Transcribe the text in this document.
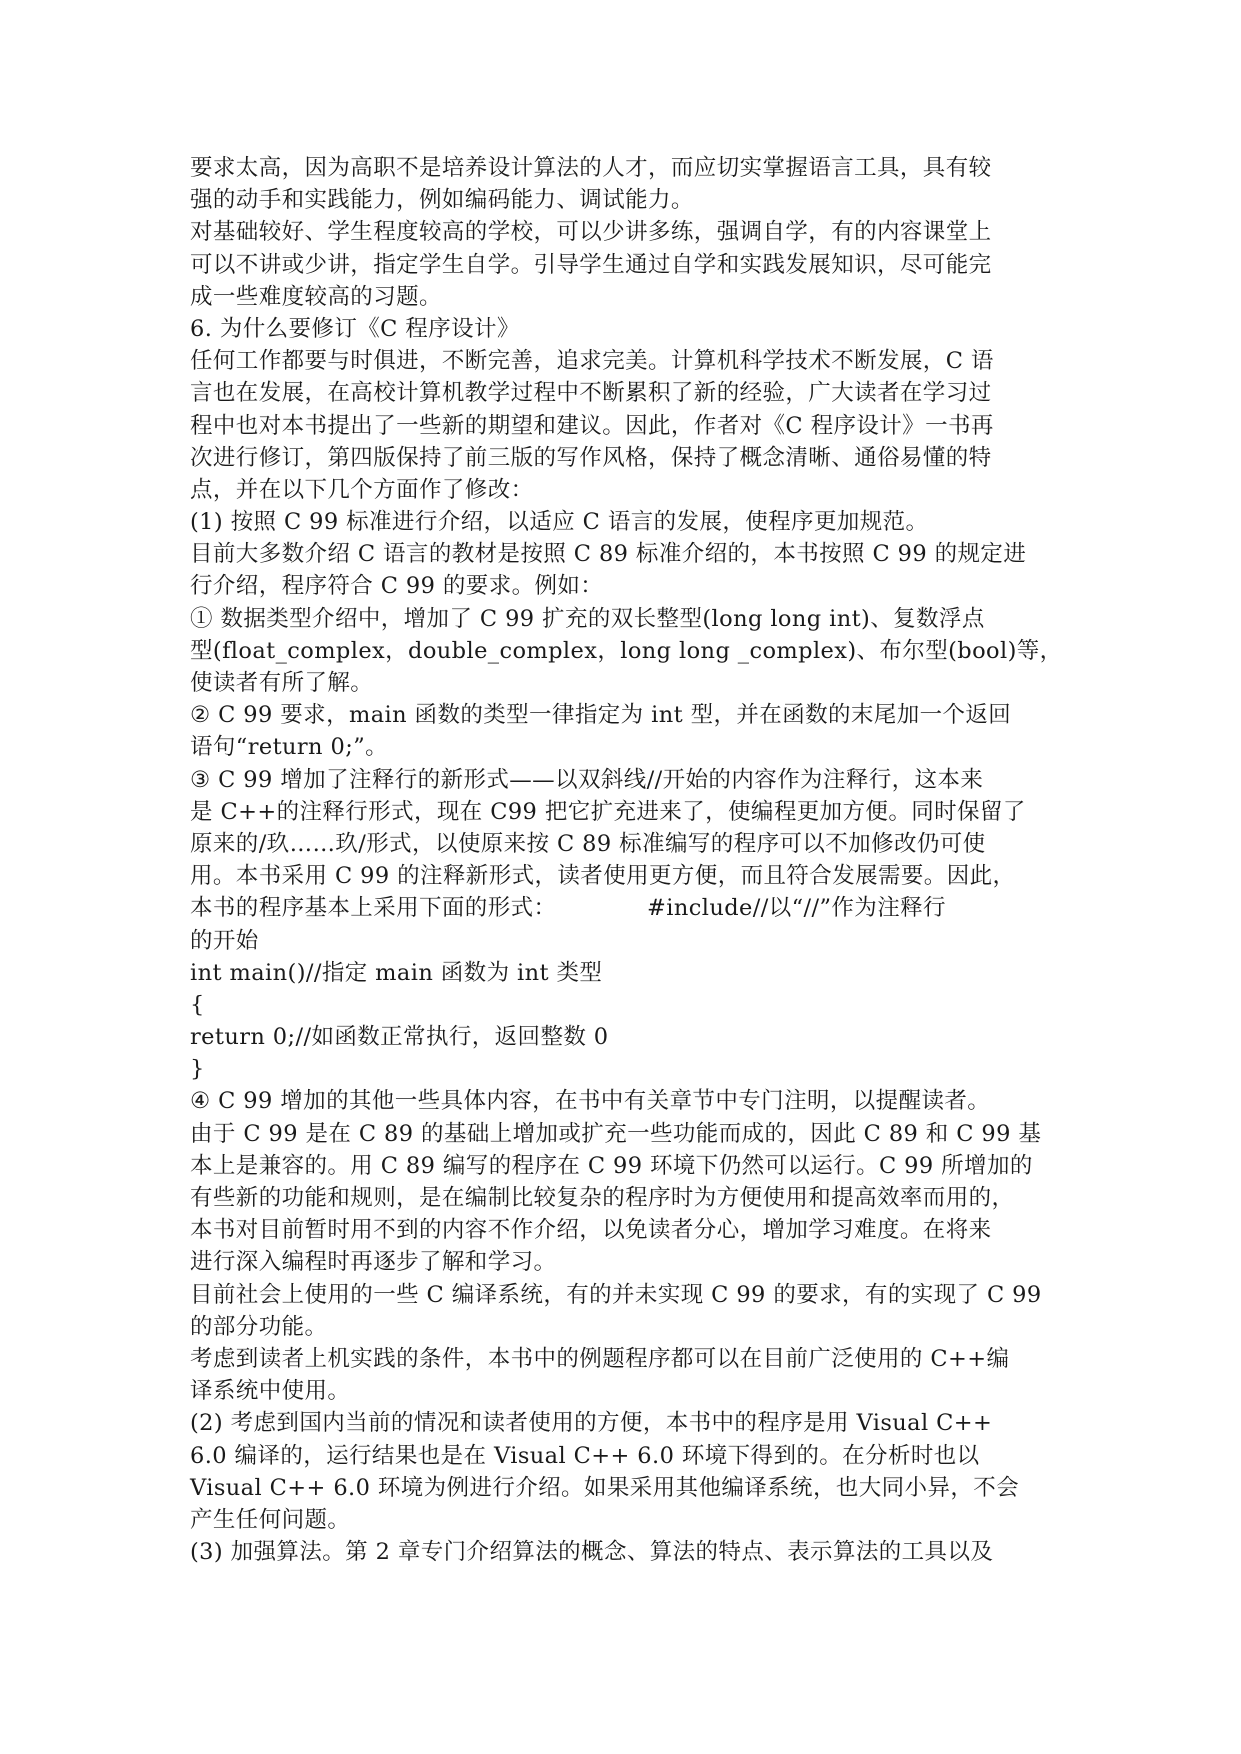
要求太高，因为高职不是培养设计算法的人才，而应切实掌握语言工具，具有较
强的动手和实践能力，例如编码能力、调试能力。
对基础较好、学生程度较高的学校，可以少讲多练，强调自学，有的内容课堂上
可以不讲或少讲，指定学生自学。引导学生通过自学和实践发展知识，尽可能完
成一些难度较高的习题。
6. 为什么要修订《C 程序设计》
任何工作都要与时俱进，不断完善，追求完美。计算机科学技术不断发展，C 语
言也在发展，在高校计算机教学过程中不断累积了新的经验，广大读者在学习过
程中也对本书提出了一些新的期望和建议。因此，作者对《C 程序设计》一书再
次进行修订，第四版保持了前三版的写作风格，保持了概念清晰、通俗易懂的特
点，并在以下几个方面作了修改：
(1) 按照 C 99 标准进行介绍，以适应 C 语言的发展，使程序更加规范。
目前大多数介绍 C 语言的教材是按照 C 89 标准介绍的，本书按照 C 99 的规定进
行介绍，程序符合 C 99 的要求。例如：
① 数据类型介绍中，增加了 C 99 扩充的双长整型(long long int)、复数浮点
型(float_complex，double_complex，long long _complex)、布尔型(bool)等，
使读者有所了解。
② C 99 要求，main 函数的类型一律指定为 int 型，并在函数的末尾加一个返回
语句“return 0;”。
③ C 99 增加了注释行的新形式——以双斜线//开始的内容作为注释行，这本来
是 C++的注释行形式，现在 C99 把它扩充进来了，使编程更加方便。同时保留了
原来的/玖……玖/形式，以使原来按 C 89 标准编写的程序可以不加修改仍可使
用。本书采用 C 99 的注释新形式，读者使用更方便，而且符合发展需要。因此，
本书的程序基本上采用下面的形式：            #include//以“//”作为注释行
的开始
int main()//指定 main 函数为 int 类型
{
return 0;//如函数正常执行，返回整数 0
}
④ C 99 增加的其他一些具体内容，在书中有关章节中专门注明，以提醒读者。
由于 C 99 是在 C 89 的基础上增加或扩充一些功能而成的，因此 C 89 和 C 99 基
本上是兼容的。用 C 89 编写的程序在 C 99 环境下仍然可以运行。C 99 所增加的
有些新的功能和规则，是在编制比较复杂的程序时为方便使用和提高效率而用的，
本书对目前暂时用不到的内容不作介绍，以免读者分心，增加学习难度。在将来
进行深入编程时再逐步了解和学习。
目前社会上使用的一些 C 编译系统，有的并未实现 C 99 的要求，有的实现了 C 99
的部分功能。
考虑到读者上机实践的条件，本书中的例题程序都可以在目前广泛使用的 C++编
译系统中使用。
(2) 考虑到国内当前的情况和读者使用的方便，本书中的程序是用 Visual C++
6.0 编译的，运行结果也是在 Visual C++ 6.0 环境下得到的。在分析时也以
Visual C++ 6.0 环境为例进行介绍。如果采用其他编译系统，也大同小异，不会
产生任何问题。
(3) 加强算法。第 2 章专门介绍算法的概念、算法的特点、表示算法的工具以及
